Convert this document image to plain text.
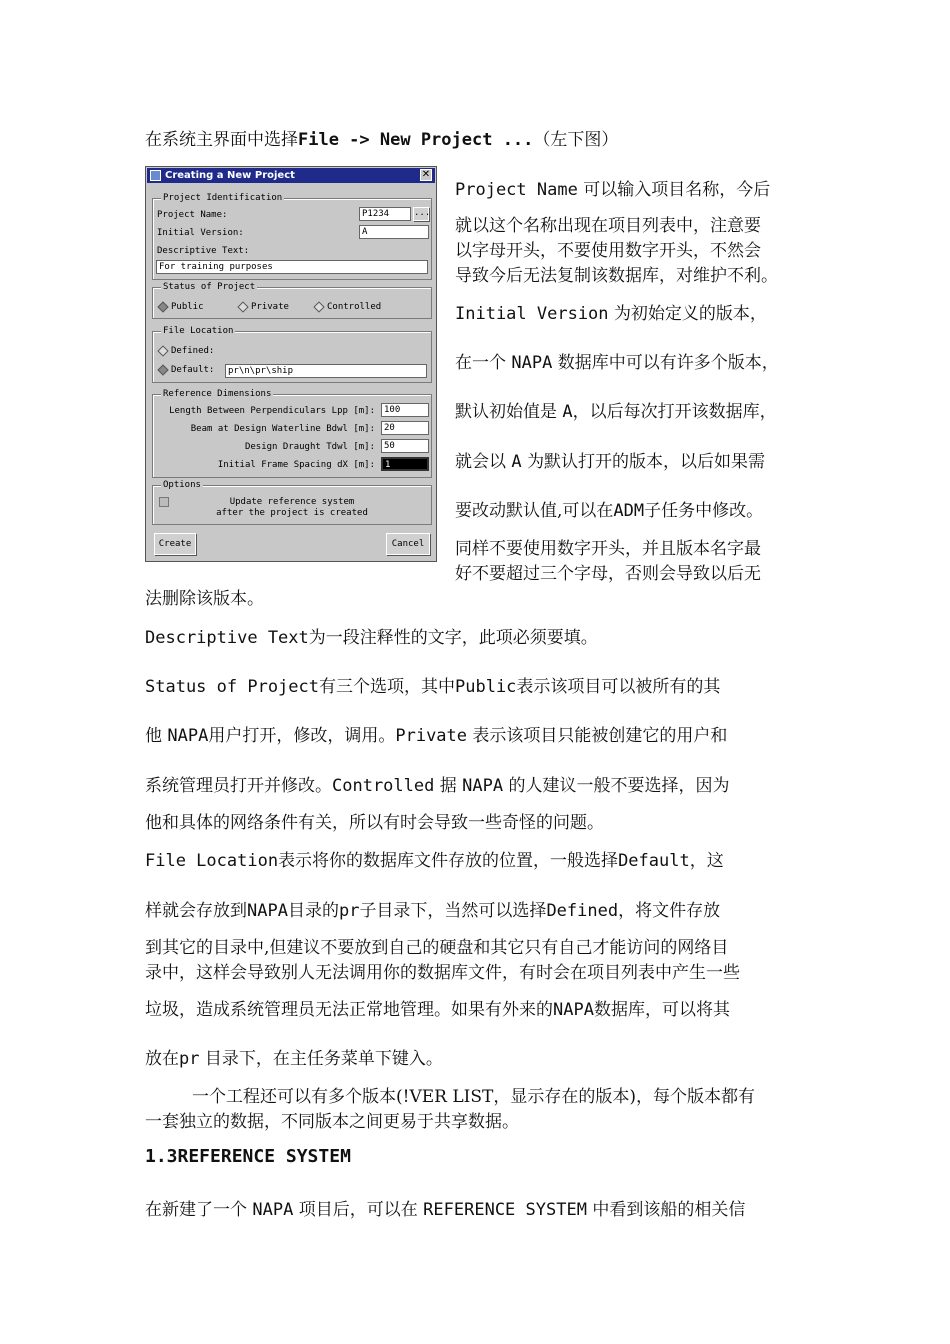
在系统主界面中选择File -> New Project ...（左下图）
Creating a New Project	✕
Project Identification
Project Name:	P1234	...
Initial Version:	A
Descriptive Text:
For training purposes
Status of Project
Public	Private	Controlled
File Location
Defined:
Default:	pr\n\pr\ship
Reference Dimensions
Length Between Perpendiculars Lpp [m]:	100
Beam at Design Waterline Bdwl [m]:	20
Design Draught Tdwl [m]:	50
Initial Frame Spacing dX [m]:	1
Options
Update reference system
after the project is created
Create	Cancel
Project Name 可以输入项目名称，今后
就以这个名称出现在项目列表中，注意要
以字母开头，不要使用数字开头，不然会
导致今后无法复制该数据库，对维护不利。
Initial Version 为初始定义的版本，
在一个 NAPA 数据库中可以有许多个版本，
默认初始值是 A，以后每次打开该数据库，
就会以 A 为默认打开的版本，以后如果需
要改动默认值,可以在ADM子任务中修改。
同样不要使用数字开头，并且版本名字最
好不要超过三个字母，否则会导致以后无
法删除该版本。
Descriptive Text为一段注释性的文字，此项必须要填。
Status of Project有三个选项，其中Public表示该项目可以被所有的其
他 NAPA用户打开，修改，调用。Private 表示该项目只能被创建它的用户和
系统管理员打开并修改。Controlled 据 NAPA 的人建议一般不要选择，因为
他和具体的网络条件有关，所以有时会导致一些奇怪的问题。
File Location表示将你的数据库文件存放的位置，一般选择Default，这
样就会存放到NAPA目录的pr子目录下，当然可以选择Defined，将文件存放
到其它的目录中,但建议不要放到自己的硬盘和其它只有自己才能访问的网络目
录中，这样会导致别人无法调用你的数据库文件，有时会在项目列表中产生一些
垃圾，造成系统管理员无法正常地管理。如果有外来的NAPA数据库，可以将其
放在pr 目录下，在主任务菜单下键入。
一个工程还可以有多个版本(!VER LIST，显示存在的版本)，每个版本都有
一套独立的数据，不同版本之间更易于共享数据。
1.3REFERENCE SYSTEM
在新建了一个 NAPA 项目后，可以在 REFERENCE SYSTEM 中看到该船的相关信
